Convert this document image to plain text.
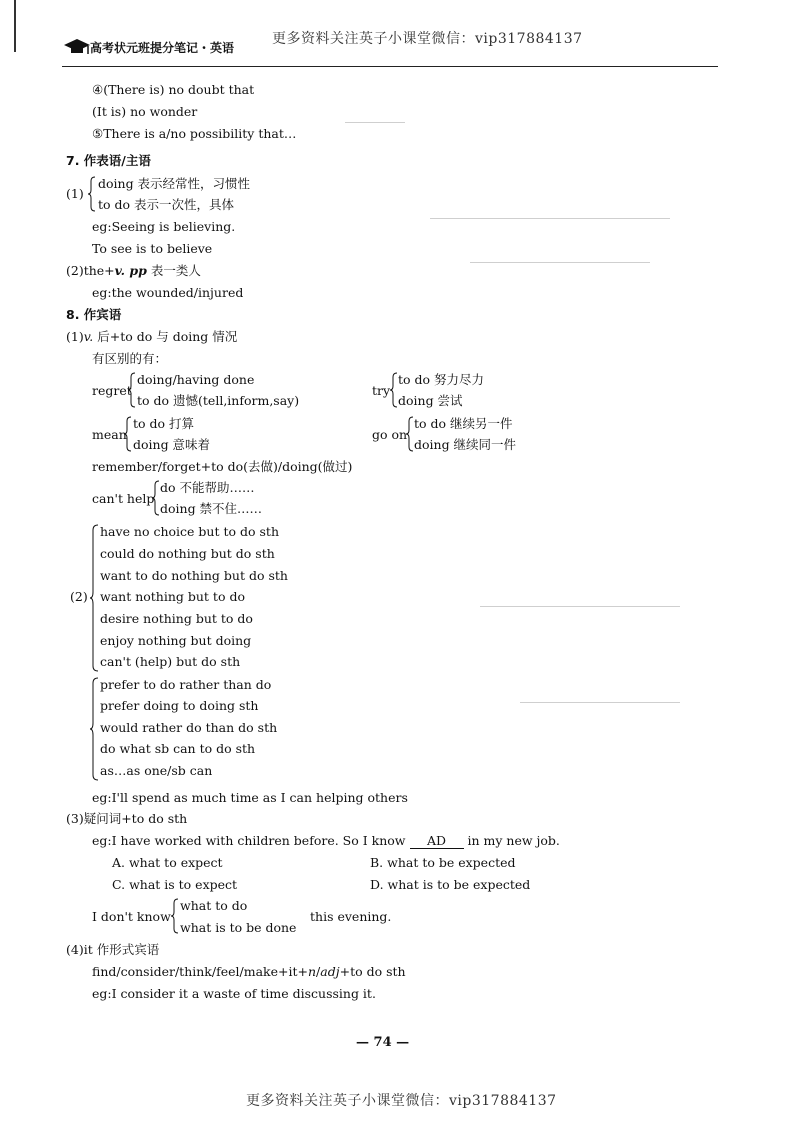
高考状元班提分笔记・英语
更多资料关注英子小课堂微信：vip317884137
④(There is) no doubt that
(It is) no wonder
⑤There is a/no possibility that…
7. 作表语/主语
(1)
doing 表示经常性，习惯性
to do 表示一次性，具体
eg:Seeing is believing.
To see is to believe
(2)the+v. pp 表一类人
eg:the wounded/injured
8. 作宾语
(1)v. 后+to do 与 doing 情况
有区别的有：
regret
doing/having done
to do 遗憾(tell,inform,say)
try
to do 努力尽力
doing 尝试
mean
to do 打算
doing 意味着
go on
to do 继续另一件
doing 继续同一件
remember/forget+to do(去做)/doing(做过)
can't help
do 不能帮助……
doing 禁不住……
(2)
have no choice but to do sth
could do nothing but do sth
want to do nothing but do sth
want nothing but to do
desire nothing but to do
enjoy nothing but doing
can't (help) but do sth
prefer to do rather than do
prefer doing to doing sth
would rather do than do sth
do what sb can to do sth
as…as one/sb can
eg:I'll spend as much time as I can helping others
(3)疑问词+to do sth
eg:I have worked with children before. So I know AD in my new job.
A. what to expect	B. what to be expected
C. what is to expect	D. what is to be expected
I don't know
what to do
what is to be done
this evening.
(4)it 作形式宾语
find/consider/think/feel/make+it+n/adj+to do sth
eg:I consider it a waste of time discussing it.
— 74 —
更多资料关注英子小课堂微信：vip317884137
